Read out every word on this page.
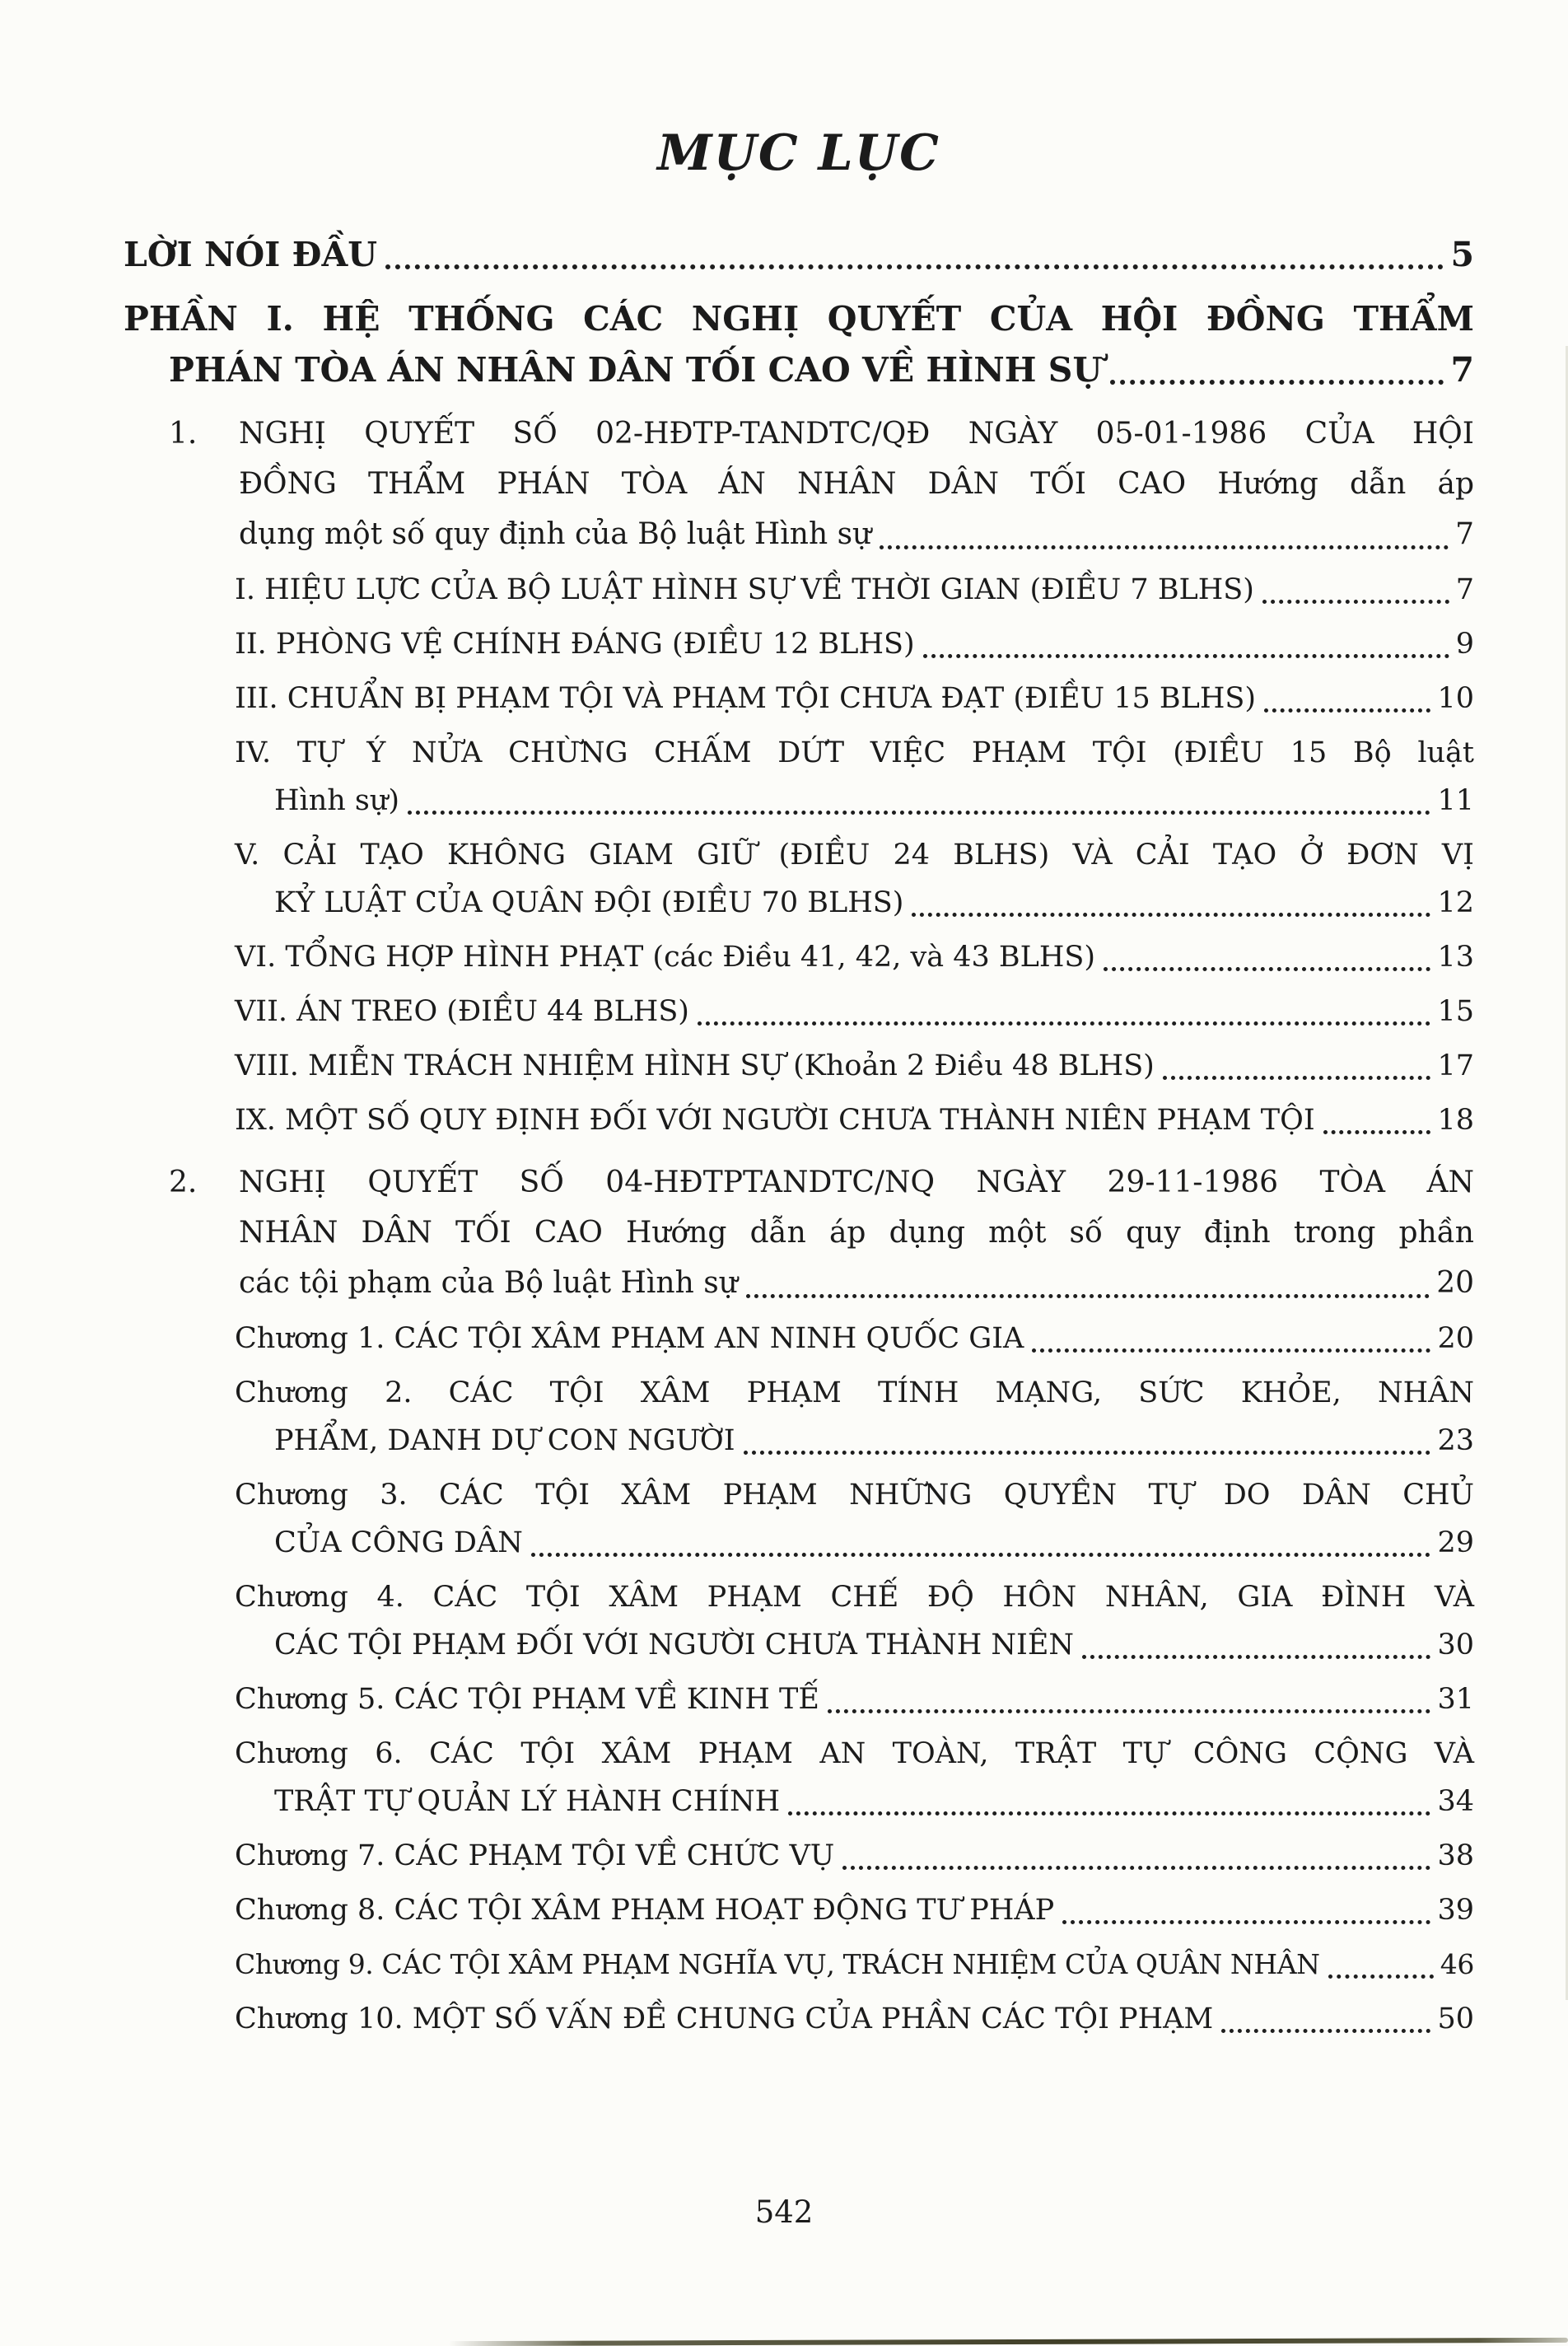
MỤC LỤC
LỜI NÓI ĐẦU	5
PHẦN I. HỆ THỐNG CÁC NGHỊ QUYẾT CỦA HỘI ĐỒNG THẨM
PHÁN TÒA ÁN NHÂN DÂN TỐI CAO VỀ HÌNH SỰ	7
1.	NGHỊ QUYẾT SỐ 02-HĐTP-TANDTC/QĐ NGÀY 05-01-1986 CỦA HỘI
ĐỒNG THẨM PHÁN TÒA ÁN NHÂN DÂN TỐI CAO Hướng dẫn áp
dụng một số quy định của Bộ luật Hình sự	7
I. HIỆU LỰC CỦA BỘ LUẬT HÌNH SỰ VỀ THỜI GIAN (ĐIỀU 7 BLHS)	7
II. PHÒNG VỆ CHÍNH ĐÁNG (ĐIỀU 12 BLHS)	9
III. CHUẨN BỊ PHẠM TỘI VÀ PHẠM TỘI CHƯA ĐẠT (ĐIỀU 15 BLHS)	10
IV. TỰ Ý NỬA CHỪNG CHẤM DỨT VIỆC PHẠM TỘI (ĐIỀU 15 Bộ luật
Hình sự)	11
V. CẢI TẠO KHÔNG GIAM GIỮ (ĐIỀU 24 BLHS) VÀ CẢI TẠO Ở ĐƠN VỊ
KỶ LUẬT CỦA QUÂN ĐỘI (ĐIỀU 70 BLHS)	12
VI. TỔNG HỢP HÌNH PHẠT (các Điều 41, 42, và 43 BLHS)	13
VII. ÁN TREO (ĐIỀU 44 BLHS)	15
VIII. MIỄN TRÁCH NHIỆM HÌNH SỰ (Khoản 2 Điều 48 BLHS)	17
IX. MỘT SỐ QUY ĐỊNH ĐỐI VỚI NGƯỜI CHƯA THÀNH NIÊN PHẠM TỘI	18
2.	NGHỊ QUYẾT SỐ 04-HĐTPTANDTC/NQ NGÀY 29-11-1986 TÒA ÁN
NHÂN DÂN TỐI CAO Hướng dẫn áp dụng một số quy định trong phần
các tội phạm của Bộ luật Hình sự	20
Chương 1. CÁC TỘI XÂM PHẠM AN NINH QUỐC GIA	20
Chương 2. CÁC TỘI XÂM PHẠM TÍNH MẠNG, SỨC KHỎE, NHÂN
PHẨM, DANH DỰ CON NGƯỜI	23
Chương 3. CÁC TỘI XÂM PHẠM NHỮNG QUYỀN TỰ DO DÂN CHỦ
CỦA CÔNG DÂN	29
Chương 4. CÁC TỘI XÂM PHẠM CHẾ ĐỘ HÔN NHÂN, GIA ĐÌNH VÀ
CÁC TỘI PHẠM ĐỐI VỚI NGƯỜI CHƯA THÀNH NIÊN	30
Chương 5. CÁC TỘI PHẠM VỀ KINH TẾ	31
Chương 6. CÁC TỘI XÂM PHẠM AN TOÀN, TRẬT TỰ CÔNG CỘNG VÀ
TRẬT TỰ QUẢN LÝ HÀNH CHÍNH	34
Chương 7. CÁC PHẠM TỘI VỀ CHỨC VỤ	38
Chương 8. CÁC TỘI XÂM PHẠM HOẠT ĐỘNG TƯ PHÁP	39
Chương 9. CÁC TỘI XÂM PHẠM NGHĨA VỤ, TRÁCH NHIỆM CỦA QUÂN NHÂN	46
Chương 10. MỘT SỐ VẤN ĐỀ CHUNG CỦA PHẦN CÁC TỘI PHẠM	50
542
